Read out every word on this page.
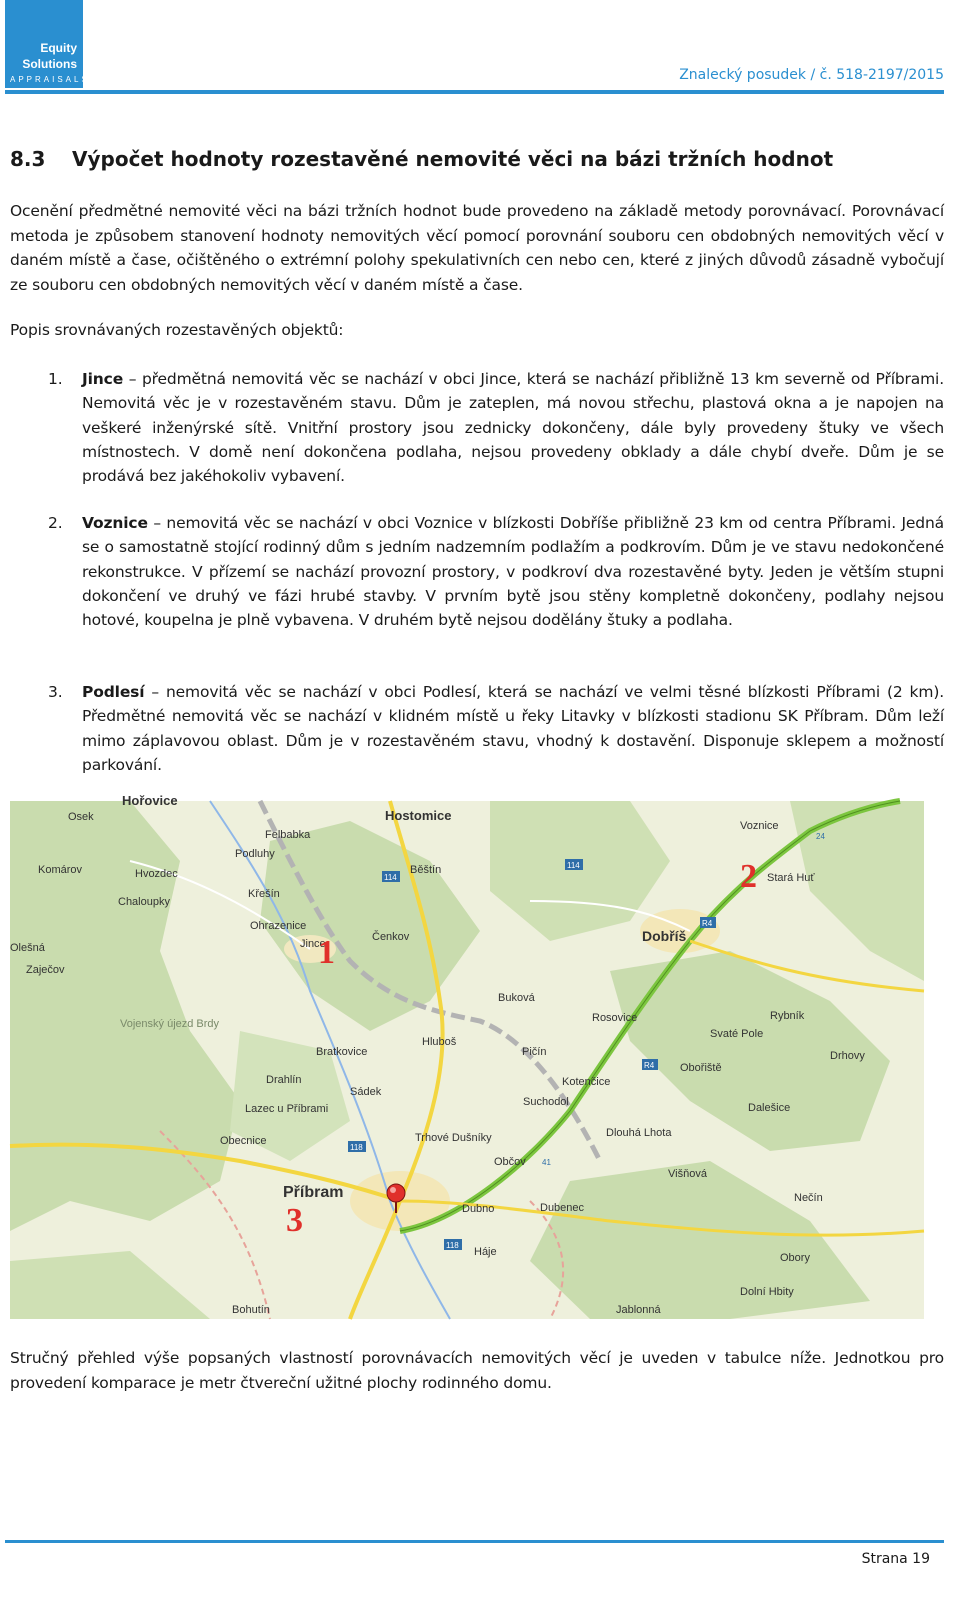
Equity
Solutions
APPRAISALS	Znalecký posudek / č. 518-2197/2015
8.3 Výpočet hodnoty rozestavěné nemovité věci na bázi tržních hodnot

Ocenění předmětné nemovité věci na bázi tržních hodnot bude provedeno na základě metody porovnávací. Porovnávací metoda je způsobem stanovení hodnoty nemovitých věcí pomocí porovnání souboru cen obdobných nemovitých věcí v daném místě a čase, očištěného o extrémní polohy spekulativních cen nebo cen, které z jiných důvodů zásadně vybočují ze souboru cen obdobných nemovitých věcí v daném místě a čase.

Popis srovnávaných rozestavěných objektů:

1. Jince – předmětná nemovitá věc se nachází v obci Jince, která se nachází přibližně 13 km severně od Příbrami. Nemovitá věc je v rozestavěném stavu. Dům je zateplen, má novou střechu, plastová okna a je napojen na veškeré inženýrské sítě. Vnitřní prostory jsou zednicky dokončeny, dále byly provedeny štuky ve všech místnostech. V domě není dokončena podlaha, nejsou provedeny obklady a dále chybí dveře. Dům je se prodává bez jakéhokoliv vybavení.
2. Voznice – nemovitá věc se nachází v obci Voznice v blízkosti Dobříše přibližně 23 km od centra Příbrami. Jedná se o samostatně stojící rodinný dům s jedním nadzemním podlažím a podkrovím. Dům je ve stavu nedokončené rekonstrukce. V přízemí se nachází provozní prostory, v podkroví dva rozestavěné byty. Jeden je větším stupni dokončení ve druhý ve fázi hrubé stavby. V prvním bytě jsou stěny kompletně dokončeny, podlahy nejsou hotové, koupelna je plně vybavena. V druhém bytě nejsou dodělány štuky a podlaha.
3. Podlesí – nemovitá věc se nachází v obci Podlesí, která se nachází ve velmi těsné blízkosti Příbrami (2 km). Předmětné nemovitá věc se nachází v klidném místě u řeky Litavky v blízkosti stadionu SK Příbram. Dům leží mimo záplavovou oblast. Dům je v rozestavěném stavu, vhodný k dostavění. Disponuje sklepem a možností parkování.
Hořovice
Osek	Hostomice
Felbabka
Komárov	Hvozdec
Podluhy
Běštín
Chaloupky
Křešín
Voznice
Stará Huť
Ohrazenice
Čenkov	Dobříš
Olešná	Jince
Zaječov
Buková
Rosovice	Rybník
Vojenský újezd Brdy
Hluboš
Svaté Pole
Bratkovice	Pičín	Drhovy
Obořiště
Drahlín
Sádek
Suchodol
Kotenčice
Lazec u Příbrami	Dalešice
Obecnice	Trhové Dušníky	Dlouhá Lhota
Občov
Višňová
Příbram
Dubno	Dubenec
Nečín
Háje	Obory
Bohutín	Jablonná
Dolní Hbity
114
114
118
118
R4
R4
24
41
1
2
3

Stručný přehled výše popsaných vlastností porovnávacích nemovitých věcí je uveden v tabulce níže. Jednotkou pro provedení komparace je metr čtvereční užitné plochy rodinného domu.

Strana 19
